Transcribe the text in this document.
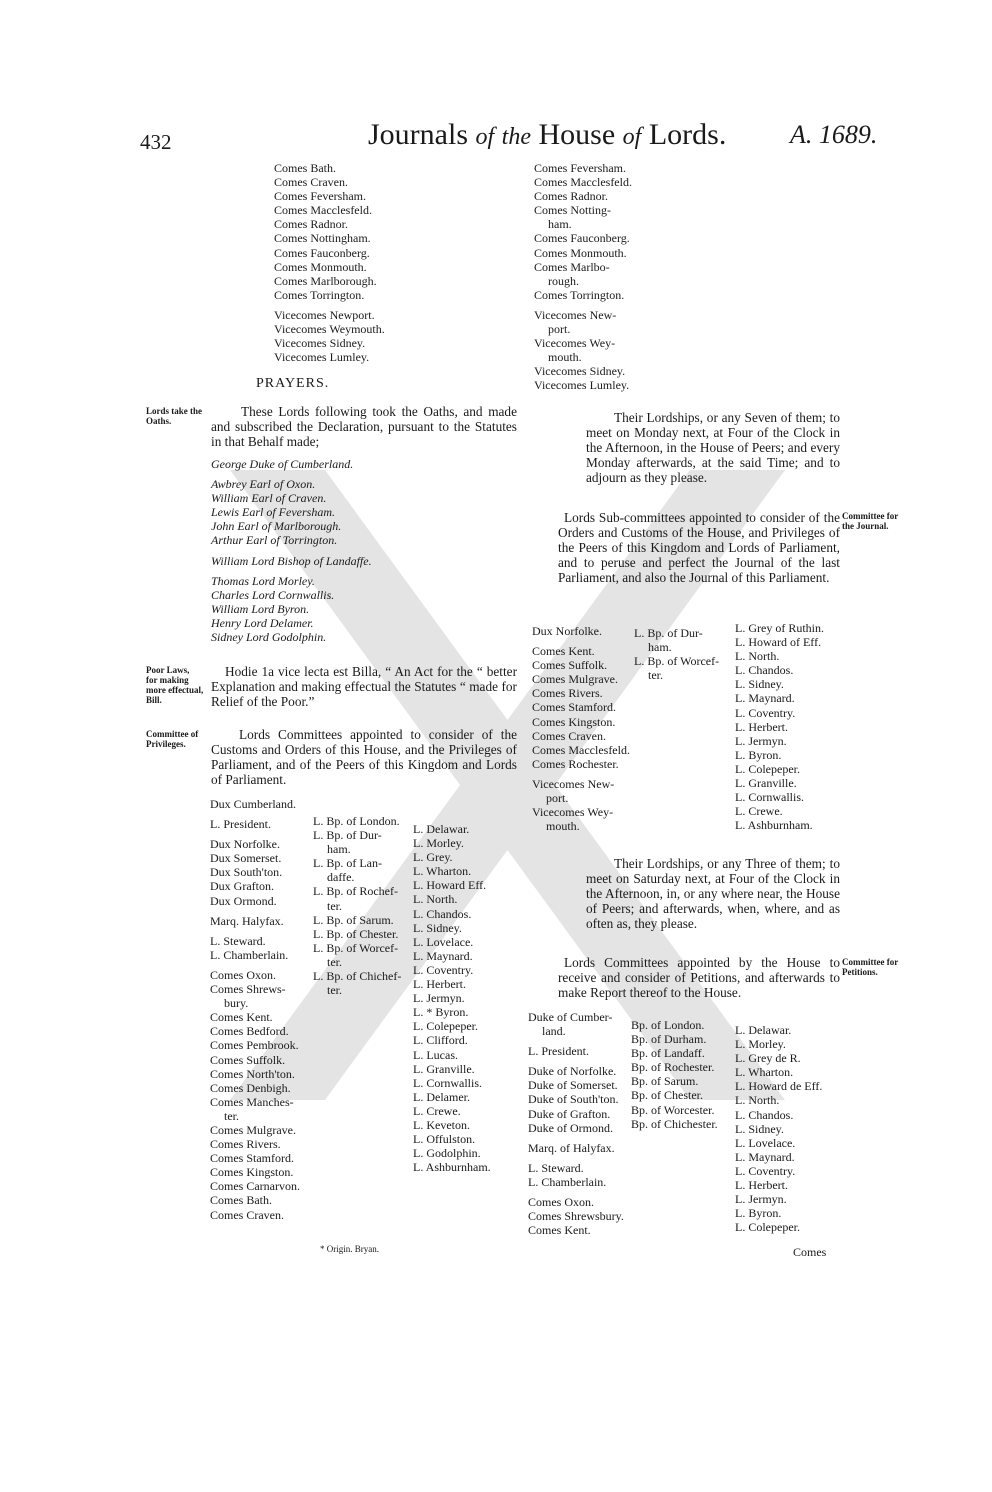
432	Journals of the House of Lords. A. 1689.
Comes Bath.
Comes Craven.
Comes Feversham.
Comes Macclesfeld.
Comes Radnor.
Comes Nottingham.
Comes Fauconberg.
Comes Monmouth.
Comes Marlborough.
Comes Torrington.
Vicecomes Newport.
Vicecomes Weymouth.
Vicecomes Sidney.
Vicecomes Lumley.
PRAYERS.
Comes Feversham.
Comes Macclesfeld.
Comes Radnor.
Comes Notting-
ham.
Comes Fauconberg.
Comes Monmouth.
Comes Marlbo-
rough.
Comes Torrington.
Vicecomes New-
port.
Vicecomes Wey-
mouth.
Vicecomes Sidney.
Vicecomes Lumley.
Lords take the
Oaths.
These Lords following took the Oaths, and made and subscribed the Declaration, pursuant to the Statutes in that Behalf made;
George Duke of Cumberland.
Awbrey Earl of Oxon.
William Earl of Craven.
Lewis Earl of Feversham.
John Earl of Marlborough.
Arthur Earl of Torrington.
William Lord Bishop of Landaffe.
Thomas Lord Morley.
Charles Lord Cornwallis.
William Lord Byron.
Henry Lord Delamer.
Sidney Lord Godolphin.
Poor Laws,
for making
more effectual,
Bill.
Hodie 1a vice lecta est Billa, “ An Act for the “ better Explanation and making effectual the Statutes “ made for Relief of the Poor.”
Committee of
Privileges.
Lords Committees appointed to consider of the Customs and Orders of this House, and the Privileges of Parliament, and of the Peers of this Kingdom and Lords of Parliament.
Dux Cumberland.
L. President.
Dux Norfolke.
Dux Somerset.
Dux South'ton.
Dux Grafton.
Dux Ormond.
Marq. Halyfax.
L. Steward.
L. Chamberlain.
Comes Oxon.
Comes Shrews-
bury.
Comes Kent.
Comes Bedford.
Comes Pembrook.
Comes Suffolk.
Comes North'ton.
Comes Denbigh.
Comes Manches-
ter.
Comes Mulgrave.
Comes Rivers.
Comes Stamford.
Comes Kingston.
Comes Carnarvon.
Comes Bath.
Comes Craven.
L. Bp. of London.
L. Bp. of Dur-
ham.
L. Bp. of Lan-
daffe.
L. Bp. of Rochef-
ter.
L. Bp. of Sarum.
L. Bp. of Chester.
L. Bp. of Worcef-
ter.
L. Bp. of Chichef-
ter.
L. Delawar.
L. Morley.
L. Grey.
L. Wharton.
L. Howard Eff.
L. North.
L. Chandos.
L. Sidney.
L. Lovelace.
L. Maynard.
L. Coventry.
L. Herbert.
L. Jermyn.
L. * Byron.
L. Colepeper.
L. Clifford.
L. Lucas.
L. Granville.
L. Cornwallis.
L. Delamer.
L. Crewe.
L. Keveton.
L. Offulston.
L. Godolphin.
L. Ashburnham.
* Origin. Bryan.
Their Lordships, or any Seven of them; to meet on Monday next, at Four of the Clock in the Afternoon, in the House of Peers; and every Monday afterwards, at the said Time; and to adjourn as they please.
Lords Sub-committees appointed to consider of the Orders and Customs of the House, and Privileges of the Peers of this Kingdom and Lords of Parliament, and to peruse and perfect the Journal of the last Parliament, and also the Journal of this Parliament.
Committee for
the Journal.
Dux Norfolke.
Comes Kent.
Comes Suffolk.
Comes Mulgrave.
Comes Rivers.
Comes Stamford.
Comes Kingston.
Comes Craven.
Comes Macclesfeld.
Comes Rochester.
Vicecomes New-
port.
Vicecomes Wey-
mouth.
L. Bp. of Dur-
ham.
L. Bp. of Worcef-
ter.
L. Grey of Ruthin.
L. Howard of Eff.
L. North.
L. Chandos.
L. Sidney.
L. Maynard.
L. Coventry.
L. Herbert.
L. Jermyn.
L. Byron.
L. Colepeper.
L. Granville.
L. Cornwallis.
L. Crewe.
L. Ashburnham.
Their Lordships, or any Three of them; to meet on Saturday next, at Four of the Clock in the Afternoon, in, or any where near, the House of Peers; and afterwards, when, where, and as often as, they please.
Lords Committees appointed by the House to receive and consider of Petitions, and afterwards to make Report thereof to the House.
Committee for
Petitions.
Duke of Cumber-
land.
L. President.
Duke of Norfolke.
Duke of Somerset.
Duke of South'ton.
Duke of Grafton.
Duke of Ormond.
Marq. of Halyfax.
L. Steward.
L. Chamberlain.
Comes Oxon.
Comes Shrewsbury.
Comes Kent.
Bp. of London.
Bp. of Durham.
Bp. of Landaff.
Bp. of Rochester.
Bp. of Sarum.
Bp. of Chester.
Bp. of Worcester.
Bp. of Chichester.
L. Delawar.
L. Morley.
L. Grey de R.
L. Wharton.
L. Howard de Eff.
L. North.
L. Chandos.
L. Sidney.
L. Lovelace.
L. Maynard.
L. Coventry.
L. Herbert.
L. Jermyn.
L. Byron.
L. Colepeper.
Comes
